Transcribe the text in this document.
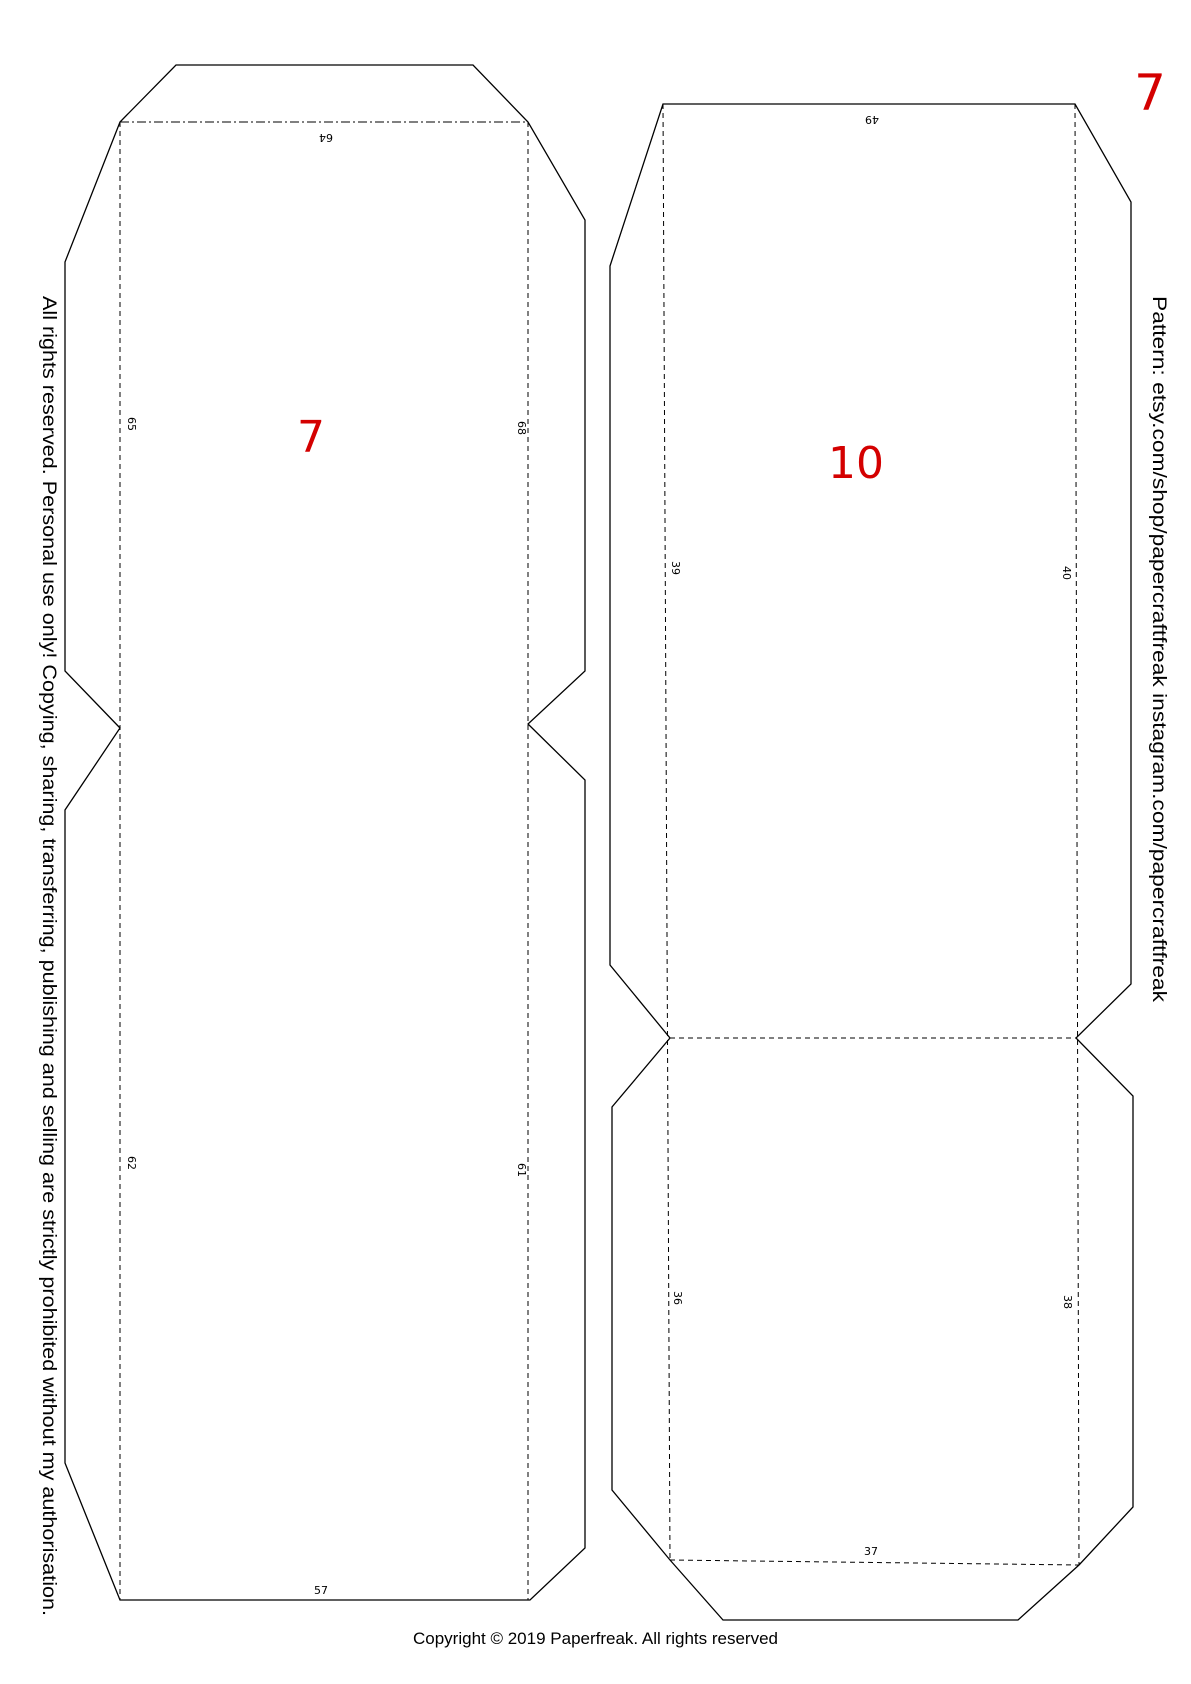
64
57
65	68
62	61
7
49
37
39	40
36	38
10
7
All rights reserved. Personal use only! Copying, sharing, transferring, publishing and selling are strictly prohibited without my authorisation.	Pattern: etsy.com/shop/papercraftfreak instagram.com/papercraftfreak
Copyright © 2019 Paperfreak. All rights reserved
